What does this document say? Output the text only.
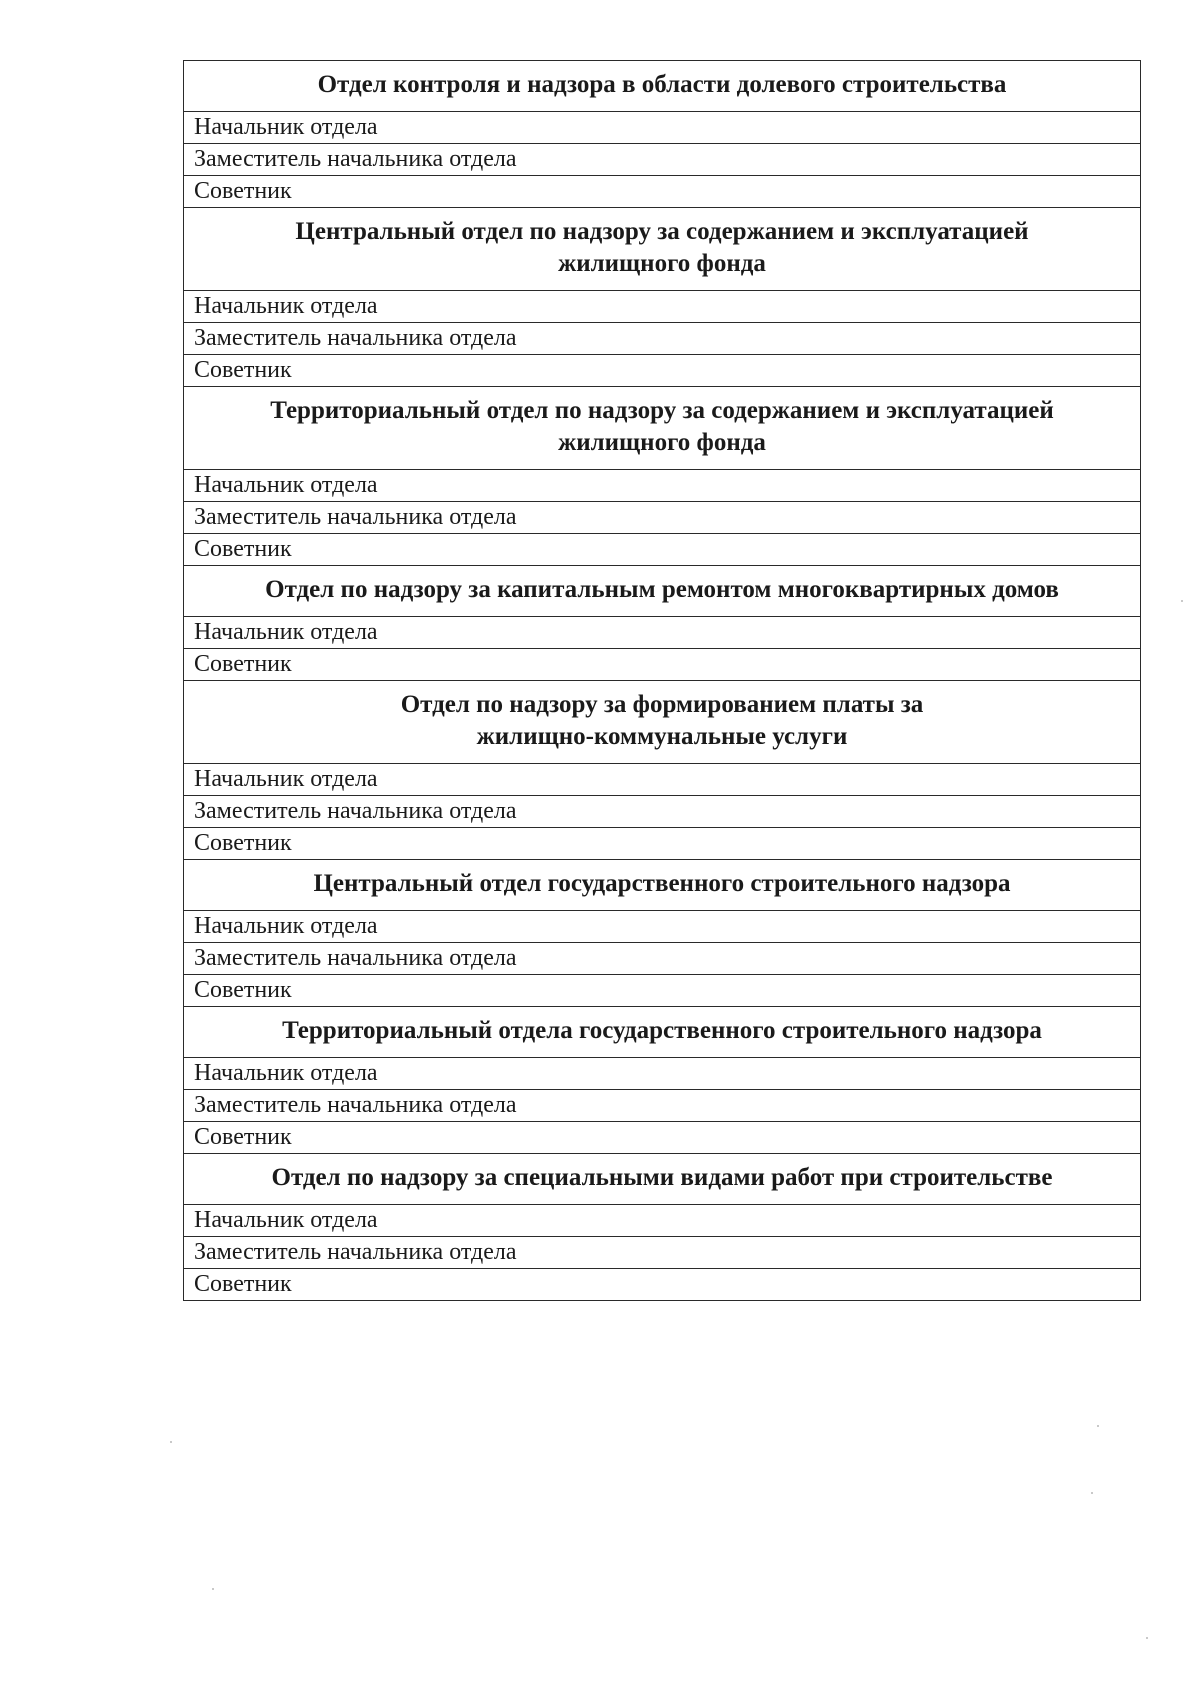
Отдел контроля и надзора в области долевого строительства
Начальник отдела
Заместитель начальника отдела
Советник
Центральный отдел по надзору за содержанием и эксплуатацией
жилищного фонда
Начальник отдела
Заместитель начальника отдела
Советник
Территориальный отдел по надзору за содержанием и эксплуатацией
жилищного фонда
Начальник отдела
Заместитель начальника отдела
Советник
Отдел по надзору за капитальным ремонтом многоквартирных домов
Начальник отдела
Советник
Отдел по надзору за формированием платы за
жилищно-коммунальные услуги
Начальник отдела
Заместитель начальника отдела
Советник
Центральный отдел государственного строительного надзора
Начальник отдела
Заместитель начальника отдела
Советник
Территориальный отдела государственного строительного надзора
Начальник отдела
Заместитель начальника отдела
Советник
Отдел по надзору за специальными видами работ при строительстве
Начальник отдела
Заместитель начальника отдела
Советник
